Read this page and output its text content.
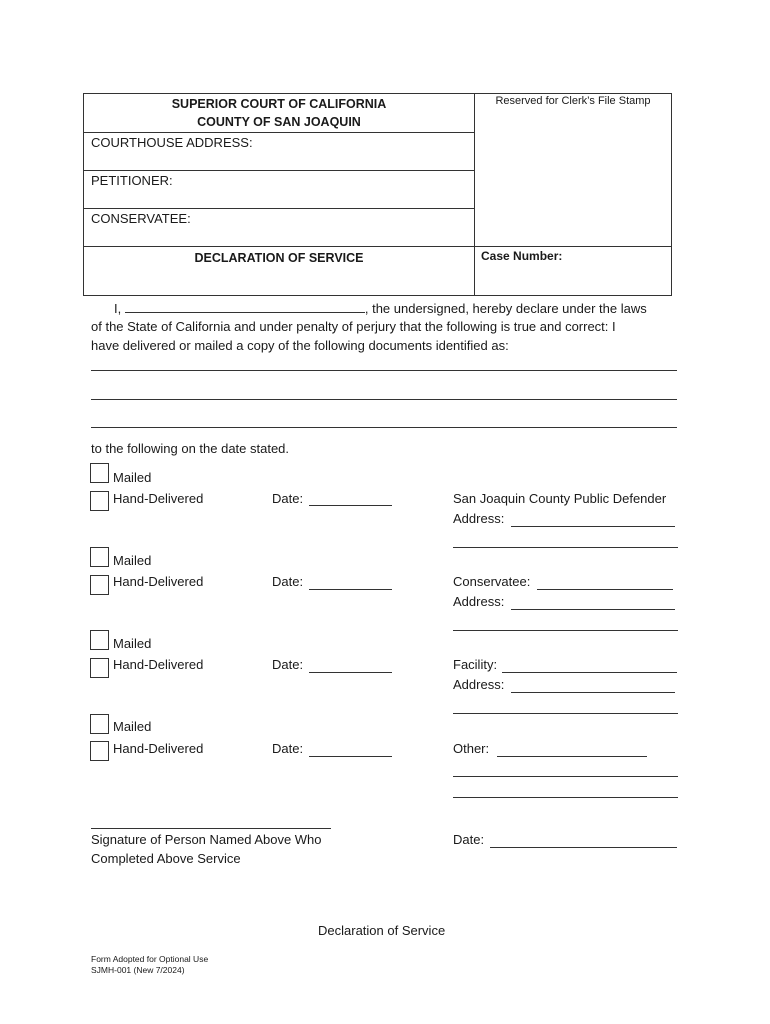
SUPERIOR COURT OF CALIFORNIA
COUNTY OF SAN JOAQUIN
COURTHOUSE ADDRESS:
PETITIONER:
CONSERVATEE:
DECLARATION OF SERVICE
Reserved for Clerk’s File Stamp
Case Number:
I,	, the undersigned, hereby declare under the laws
of the State of California and under penalty of perjury that the following is true and correct: I
have delivered or mailed a copy of the following documents identified as:
to the following on the date stated.
Mailed
Hand-Delivered	Date:	San Joaquin County Public Defender
Address:
Mailed
Hand-Delivered	Date:	Conservatee:
Address:
Mailed
Hand-Delivered	Date:	Facility:
Address:
Mailed
Hand-Delivered	Date:	Other:
Signature of Person Named Above Who
Completed Above Service
Date:
Declaration of Service
Form Adopted for Optional Use
SJMH-001 (New 7/2024)
